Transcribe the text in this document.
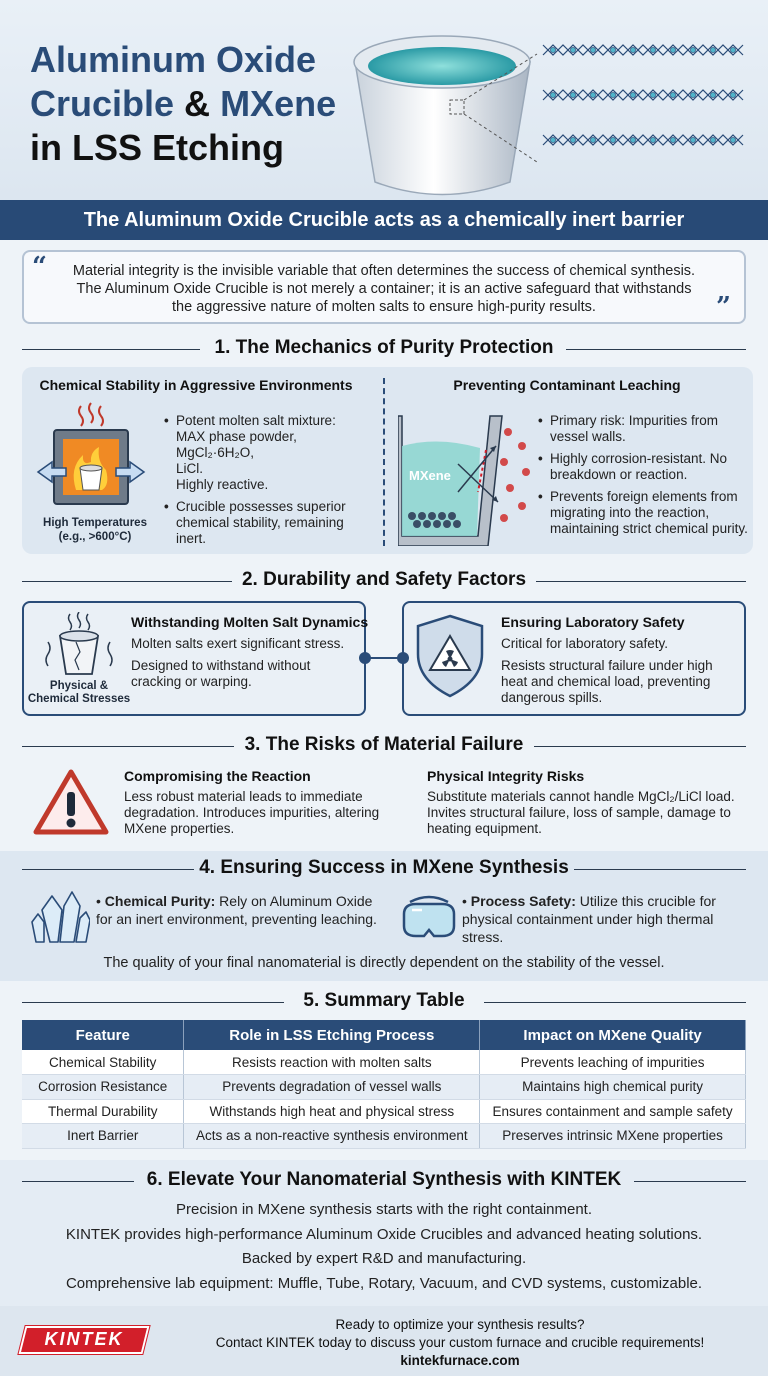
Aluminum Oxide
Crucible & MXene
in LSS Etching
The Aluminum Oxide Crucible acts as a chemically inert barrier
Material integrity is the invisible variable that often determines the success of chemical synthesis.
The Aluminum Oxide Crucible is not merely a container; it is an active safeguard that withstands
the aggressive nature of molten salts to ensure high-purity results.
“
”
1. The Mechanics of Purity Protection
Chemical Stability in Aggressive Environments
High Temperatures
(e.g., >600°C)
• Potent molten salt mixture:
MAX phase powder, MgCl₂·6H₂O,
LiCl.
Highly reactive.
• Crucible possesses superior chemical stability, remaining inert.
Preventing Contaminant Leaching
MXene
• Primary risk: Impurities from vessel walls.
• Highly corrosion-resistant. No breakdown or reaction.
• Prevents foreign elements from migrating into the reaction, maintaining strict chemical purity.
2. Durability and Safety Factors
Physical &
Chemical Stresses
Withstanding Molten Salt Dynamics
Molten salts exert significant stress.
Designed to withstand without cracking or warping.
Ensuring Laboratory Safety
Critical for laboratory safety.
Resists structural failure under high heat and chemical load, preventing dangerous spills.
3. The Risks of Material Failure
Compromising the Reaction
Less robust material leads to immediate degradation. Introduces impurities, altering MXene properties.
Physical Integrity Risks
Substitute materials cannot handle MgCl₂/LiCl load. Invites structural failure, loss of sample, damage to heating equipment.
4. Ensuring Success in MXene Synthesis
• Chemical Purity: Rely on Aluminum Oxide for an inert environment, preventing leaching.
• Process Safety: Utilize this crucible for physical containment under high thermal stress.
The quality of your final nanomaterial is directly dependent on the stability of the vessel.
5. Summary Table
Feature	Role in LSS Etching Process	Impact on MXene Quality
Chemical Stability	Resists reaction with molten salts	Prevents leaching of impurities
Corrosion Resistance	Prevents degradation of vessel walls	Maintains high chemical purity
Thermal Durability	Withstands high heat and physical stress	Ensures containment and sample safety
Inert Barrier	Acts as a non-reactive synthesis environment	Preserves intrinsic MXene properties
6. Elevate Your Nanomaterial Synthesis with KINTEK
Precision in MXene synthesis starts with the right containment.
KINTEK provides high-performance Aluminum Oxide Crucibles and advanced heating solutions.
Backed by expert R&D and manufacturing.
Comprehensive lab equipment: Muffle, Tube, Rotary, Vacuum, and CVD systems, customizable.
KINTEK
Ready to optimize your synthesis results?
Contact KINTEK today to discuss your custom furnace and crucible requirements!
kintekfurnace.com
